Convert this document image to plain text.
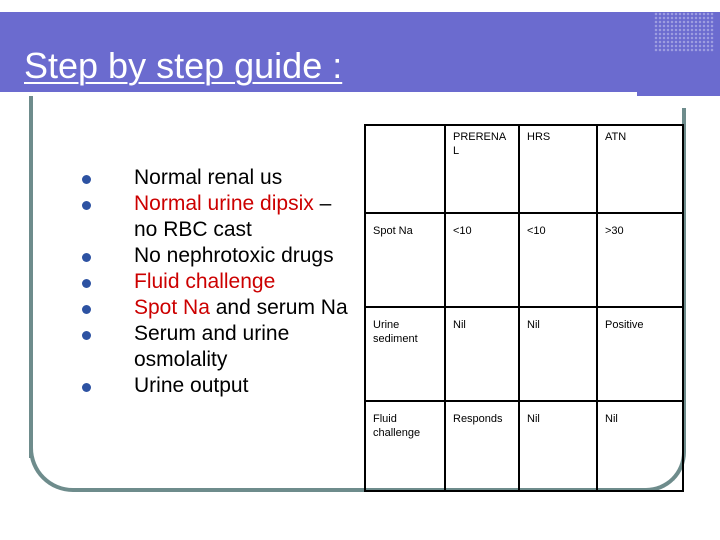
Step by step guide :
Normal renal us
Normal urine dipsix – no RBC cast
No nephrotoxic drugs
Fluid challenge
Spot Na and serum Na
Serum and urine osmolality
Urine output
	PRERENA L	HRS	ATN
Spot Na	<10	<10	>30
Urine sediment	Nil	Nil	Positive
Fluid challenge	Responds	Nil	Nil
